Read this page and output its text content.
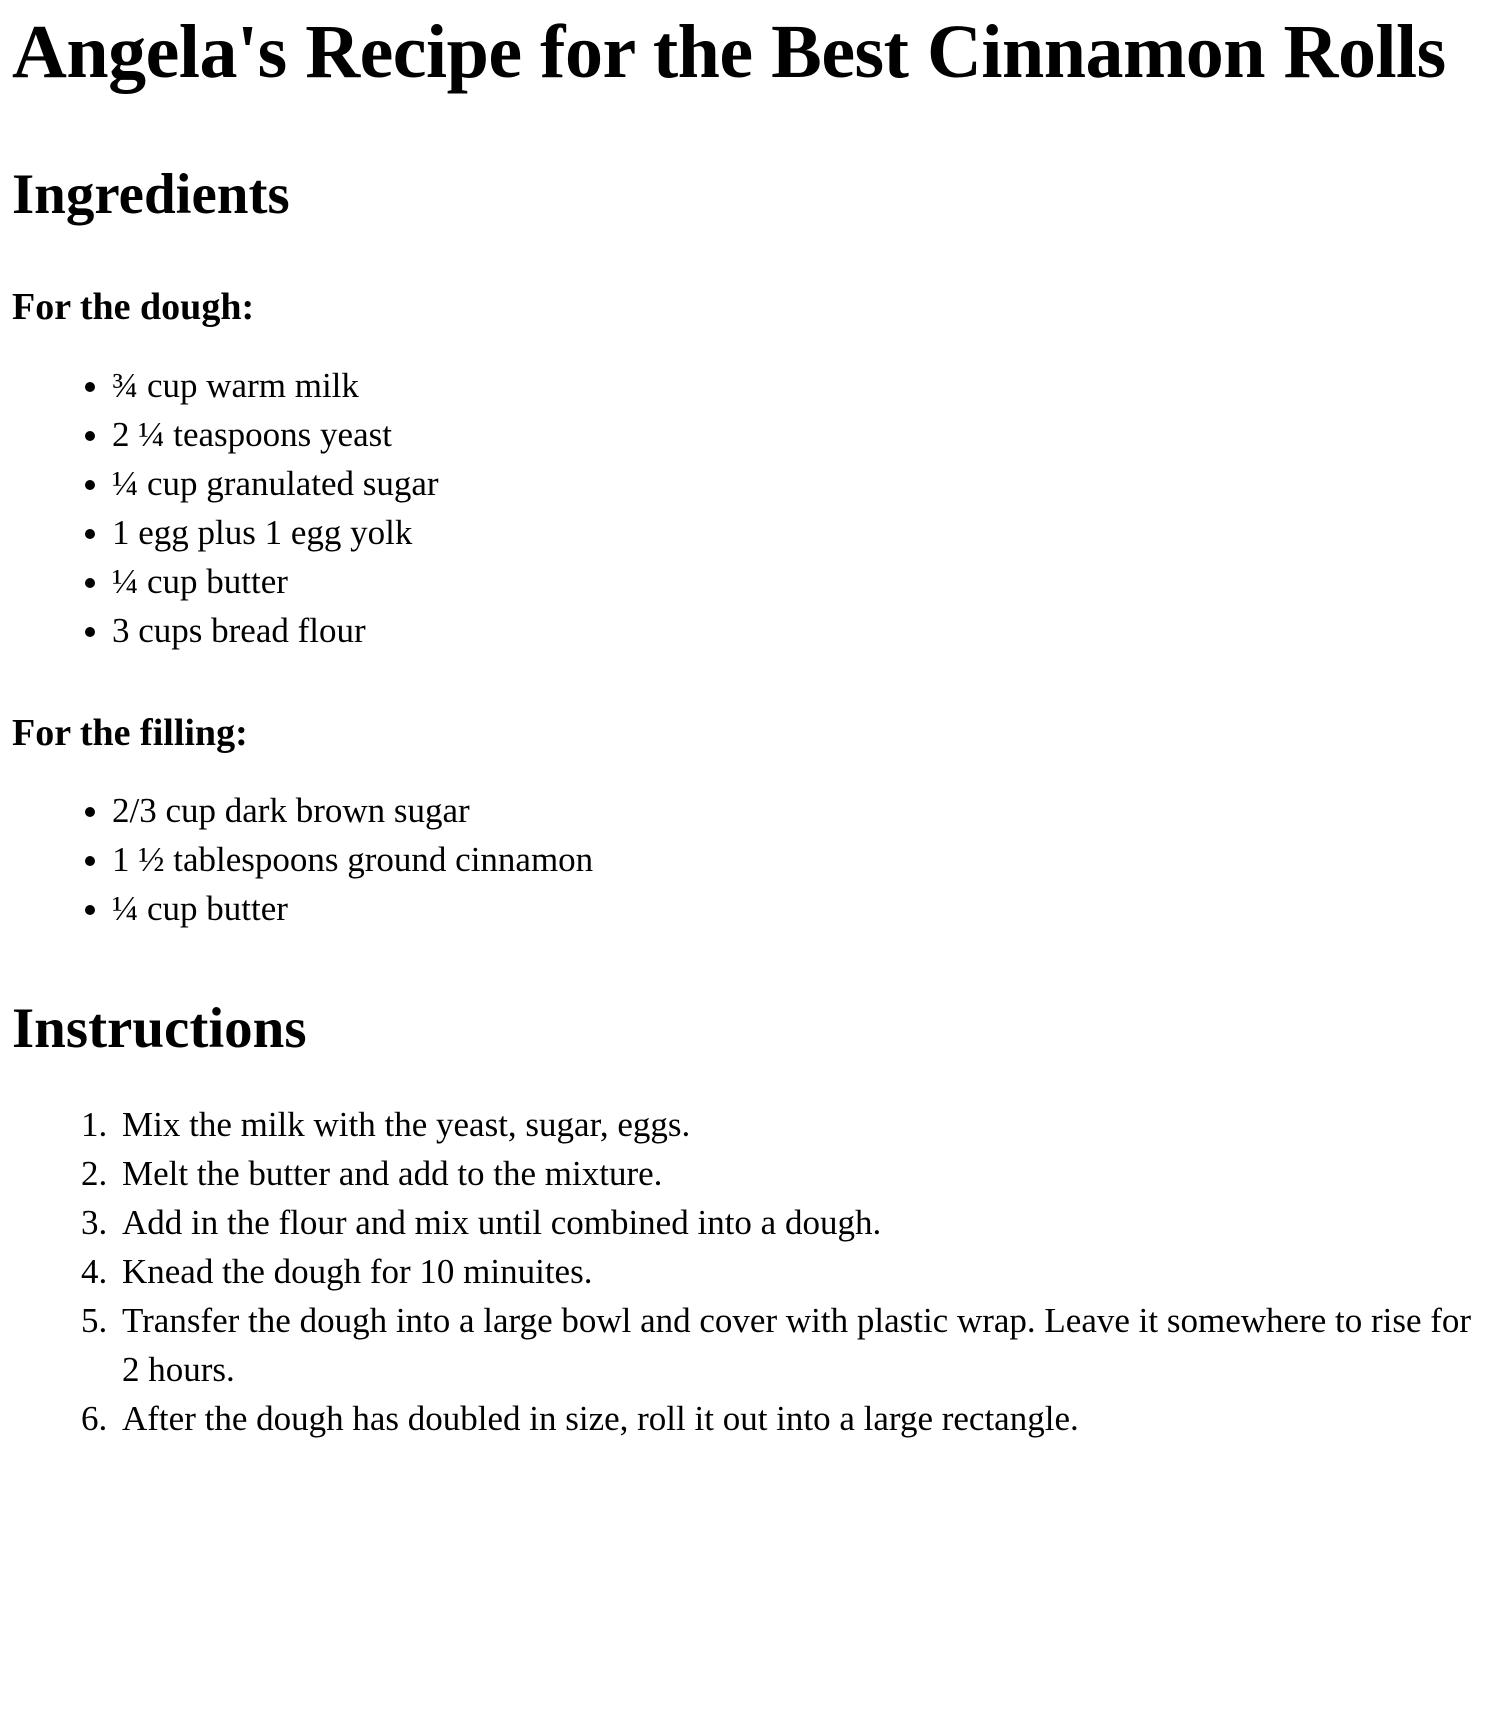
Angela's Recipe for the Best Cinnamon Rolls
Ingredients
For the dough:
• ¾ cup warm milk
• 2 ¼ teaspoons yeast
• ¼ cup granulated sugar
• 1 egg plus 1 egg yolk
• ¼ cup butter
• 3 cups bread flour
For the filling:
• 2/3 cup dark brown sugar
• 1 ½ tablespoons ground cinnamon
• ¼ cup butter
Instructions
1. Mix the milk with the yeast, sugar, eggs.
2. Melt the butter and add to the mixture.
3. Add in the flour and mix until combined into a dough.
4. Knead the dough for 10 minuites.
5. Transfer the dough into a large bowl and cover with plastic wrap. Leave it somewhere to rise for 2 hours.
6. After the dough has doubled in size, roll it out into a large rectangle.
